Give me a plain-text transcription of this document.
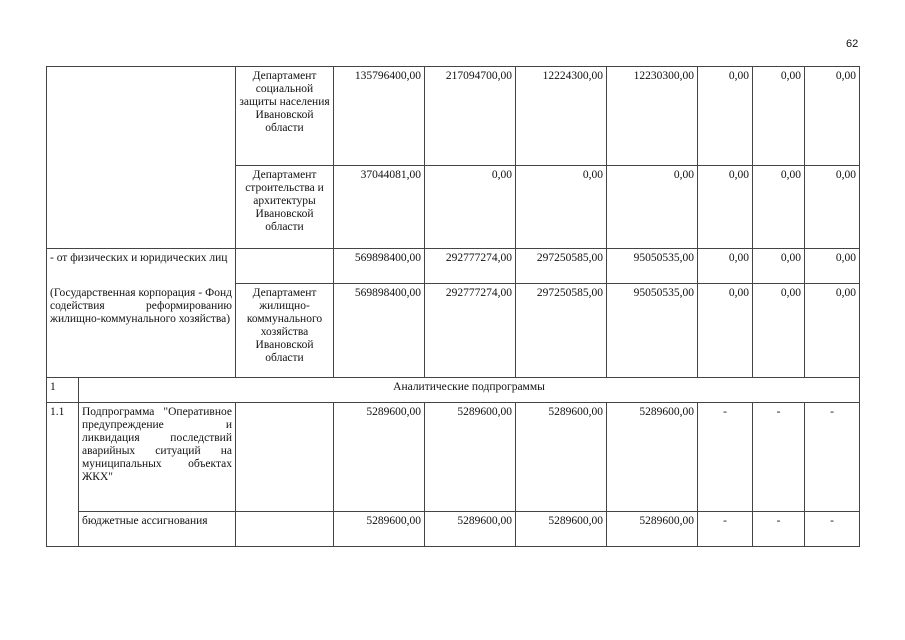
62
		Департамент социальной защиты населения Ивановской области	135796400,00	217094700,00	12224300,00	12230300,00	0,00	0,00	0,00
		Департамент строительства и архитектуры Ивановской области	37044081,00	0,00	0,00	0,00	0,00	0,00	0,00
- от физических и юридических лиц			569898400,00	292777274,00	297250585,00	95050535,00	0,00	0,00	0,00
(Государственная корпорация - Фонд содействия реформированию жилищно-коммунального хозяйства)		Департамент жилищно-коммунального хозяйства Ивановской области	569898400,00	292777274,00	297250585,00	95050535,00	0,00	0,00	0,00
1	Аналитические подпрограммы								
1.1	Подпрограмма "Оперативное предупреждение и ликвидация последствий аварийных ситуаций на муниципальных объектах ЖКХ"		5289600,00	5289600,00	5289600,00	5289600,00	-	-	-
	бюджетные ассигнования		5289600,00	5289600,00	5289600,00	5289600,00	-	-	-
